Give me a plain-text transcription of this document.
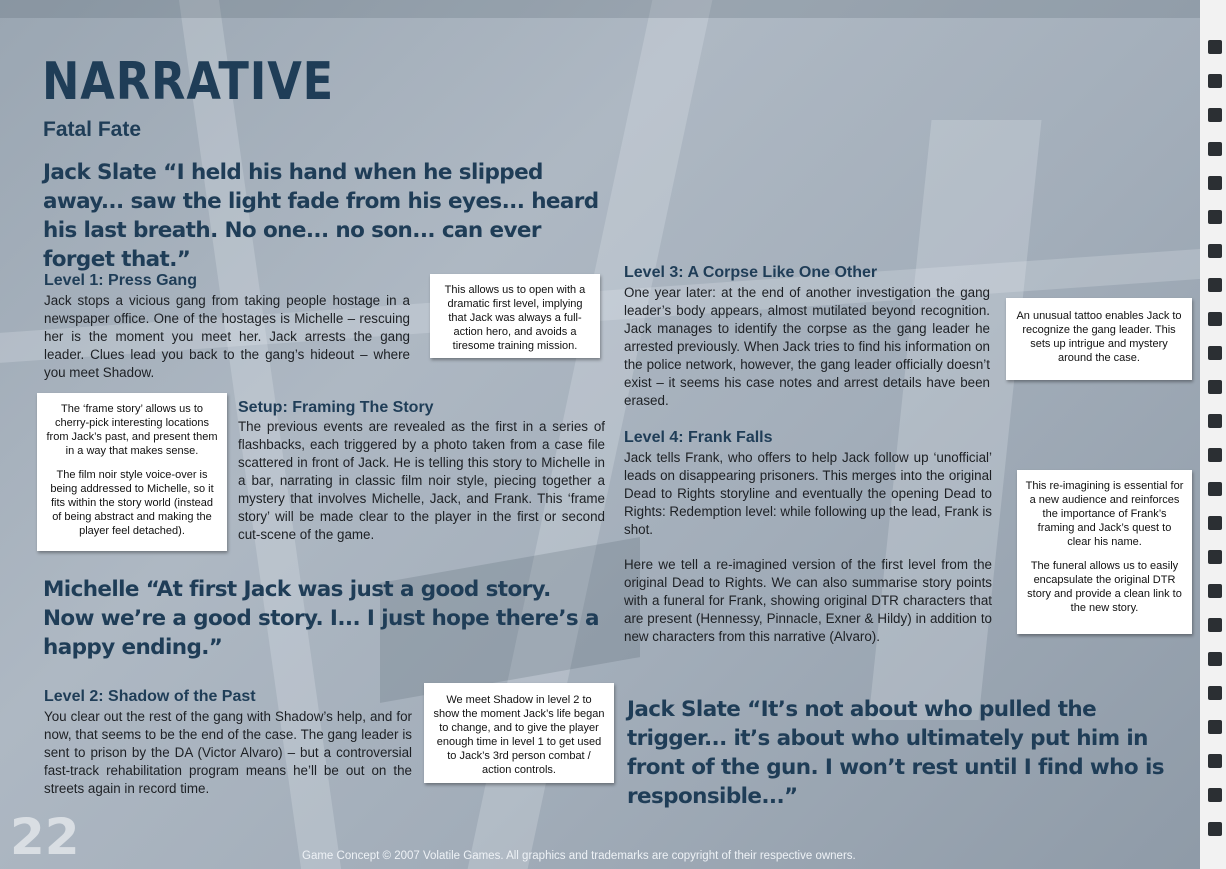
NARRATIVE
Fatal Fate

Jack Slate “I held his hand when he slipped away... saw the light fade from his eyes... heard his last breath. No one... no son... can ever forget that.”

Level 1: Press Gang

Jack stops a vicious gang from taking people hostage in a newspaper office. One of the hostages is Michelle – rescuing her is the moment you meet her. Jack arrests the gang leader. Clues lead you back to the gang’s hideout – where you meet Shadow.

This allows us to open with a dramatic first level, implying that Jack was always a full-action hero, and avoids a tiresome training mission.

The ‘frame story’ allows us to cherry-pick interesting locations from Jack’s past, and present them in a way that makes sense.

The film noir style voice-over is being addressed to Michelle, so it fits within the story world (instead of being abstract and making the player feel detached).

Setup: Framing The Story

The previous events are revealed as the first in a series of flashbacks, each triggered by a photo taken from a case file scattered in front of Jack. He is telling this story to Michelle in a bar, narrating in classic film noir style, piecing together a mystery that involves Michelle, Jack, and Frank. This ‘frame story’ will be made clear to the player in the first or second cut-scene of the game.

Michelle “At first Jack was just a good story. Now we’re a good story. I... I just hope there’s a happy ending.”

Level 2: Shadow of the Past

You clear out the rest of the gang with Shadow’s help, and for now, that seems to be the end of the case. The gang leader is sent to prison by the DA (Victor Alvaro) – but a controversial fast-track rehabilitation program means he’ll be out on the streets again in record time.

We meet Shadow in level 2 to show the moment Jack’s life began to change, and to give the player enough time in level 1 to get used to Jack’s 3rd person combat / action controls.

Level 3: A Corpse Like One Other

One year later: at the end of another investigation the gang leader’s body appears, almost mutilated beyond recognition. Jack manages to identify the corpse as the gang leader he arrested previously. When Jack tries to find his information on the police network, however, the gang leader officially doesn’t exist – it seems his case notes and arrest details have been erased.

An unusual tattoo enables Jack to recognize the gang leader. This sets up intrigue and mystery around the case.

Level 4: Frank Falls

Jack tells Frank, who offers to help Jack follow up ‘unofficial’ leads on disappearing prisoners. This merges into the original Dead to Rights storyline and eventually the opening Dead to Rights: Redemption level: while following up the lead, Frank is shot.

Here we tell a re-imagined version of the first level from the original Dead to Rights. We can also summarise story points with a funeral for Frank, showing original DTR characters that are present (Hennessy, Pinnacle, Exner & Hildy) in addition to new characters from this narrative (Alvaro).

This re-imagining is essential for a new audience and reinforces the importance of Frank’s framing and Jack’s quest to clear his name.

The funeral allows us to easily encapsulate the original DTR story and provide a clean link to the new story.

Jack Slate “It’s not about who pulled the trigger... it’s about who ultimately put him in front of the gun. I won’t rest until I find who is responsible...”

22	Game Concept © 2007 Volatile Games. All graphics and trademarks are copyright of their respective owners.
